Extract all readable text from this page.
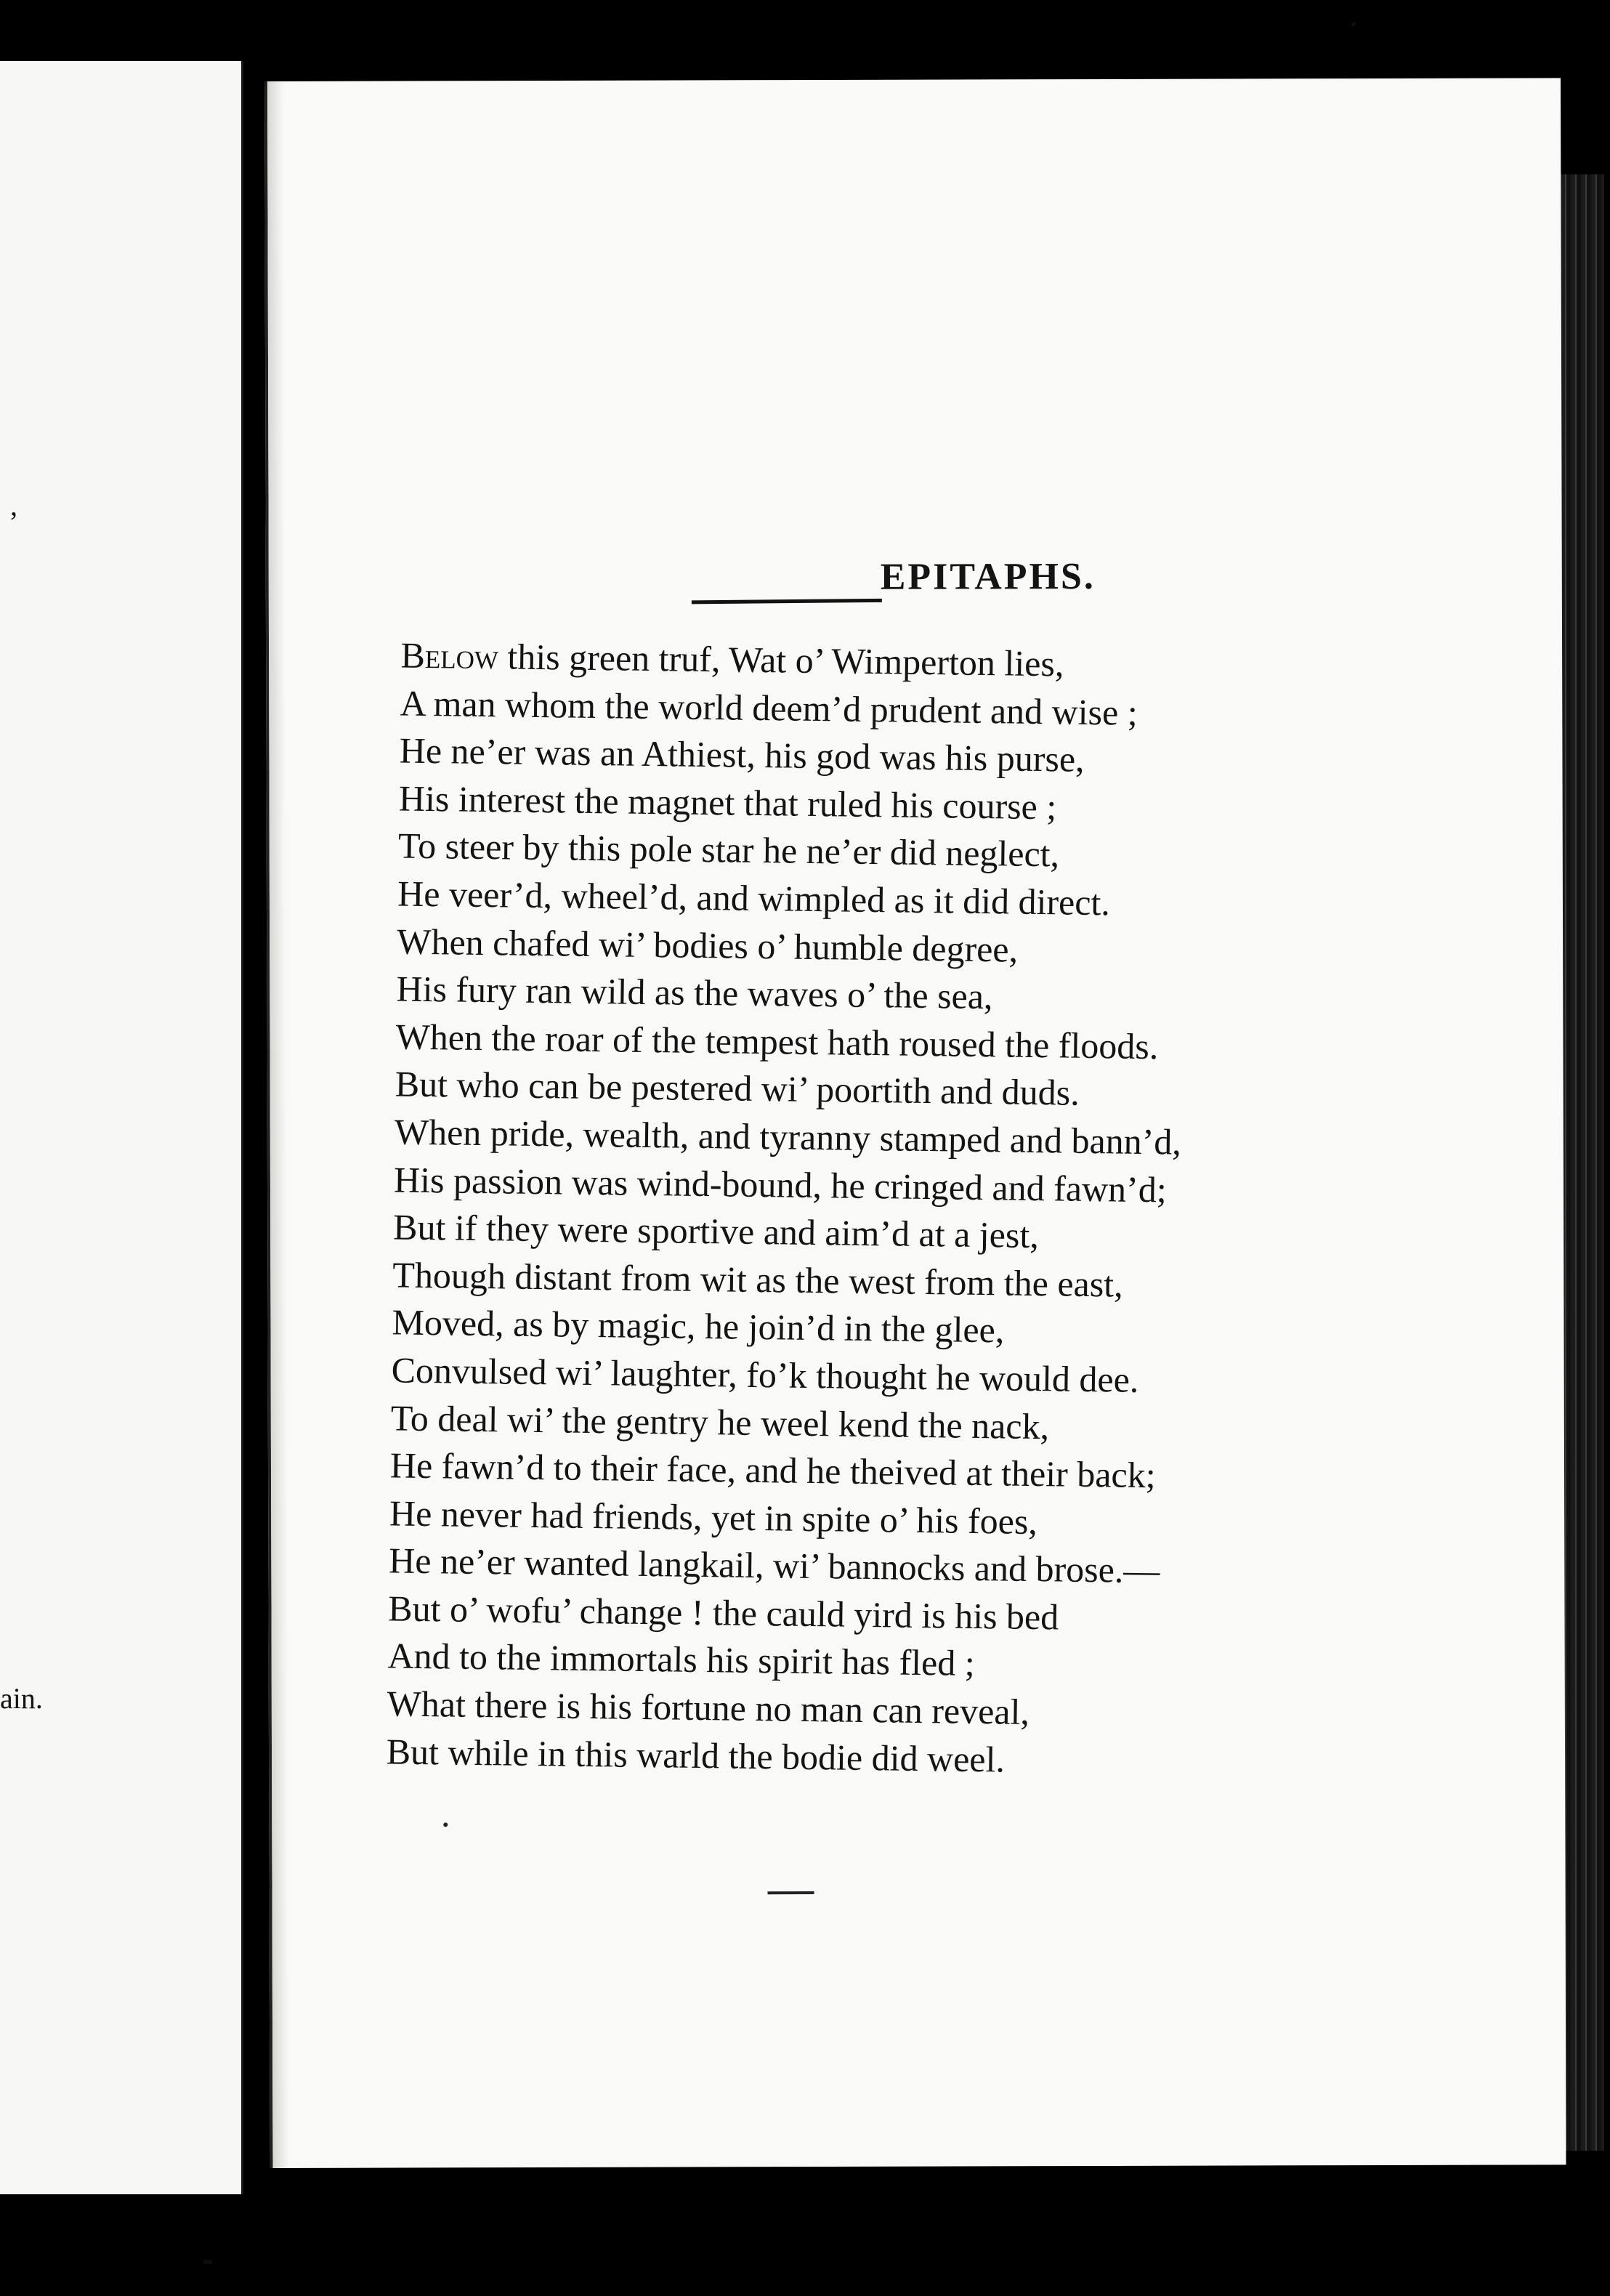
,
ain.
EPITAPHS.
Below this green truf, Wat o’ Wimperton lies,
A man whom the world deem’d prudent and wise ;
He ne’er was an Athiest, his god was his purse,
His interest the magnet that ruled his course ;
To steer by this pole star he ne’er did neglect,
He veer’d, wheel’d, and wimpled as it did direct.
When chafed wi’ bodies o’ humble degree,
His fury ran wild as the waves o’ the sea,
When the roar of the tempest hath roused the floods.
But who can be pestered wi’ poortith and duds.
When pride, wealth, and tyranny stamped and bann’d,
His passion was wind-bound, he cringed and fawn’d;
But if they were sportive and aim’d at a jest,
Though distant from wit as the west from the east,
Moved, as by magic, he join’d in the glee,
Convulsed wi’ laughter, fo’k thought he would dee.
To deal wi’ the gentry he weel kend the nack,
He fawn’d to their face, and he theived at their back;
He never had friends, yet in spite o’ his foes,
He ne’er wanted langkail, wi’ bannocks and brose.—
But o’ wofu’ change ! the cauld yird is his bed
And to the immortals his spirit has fled ;
What there is his fortune no man can reveal,
But while in this warld the bodie did weel.
